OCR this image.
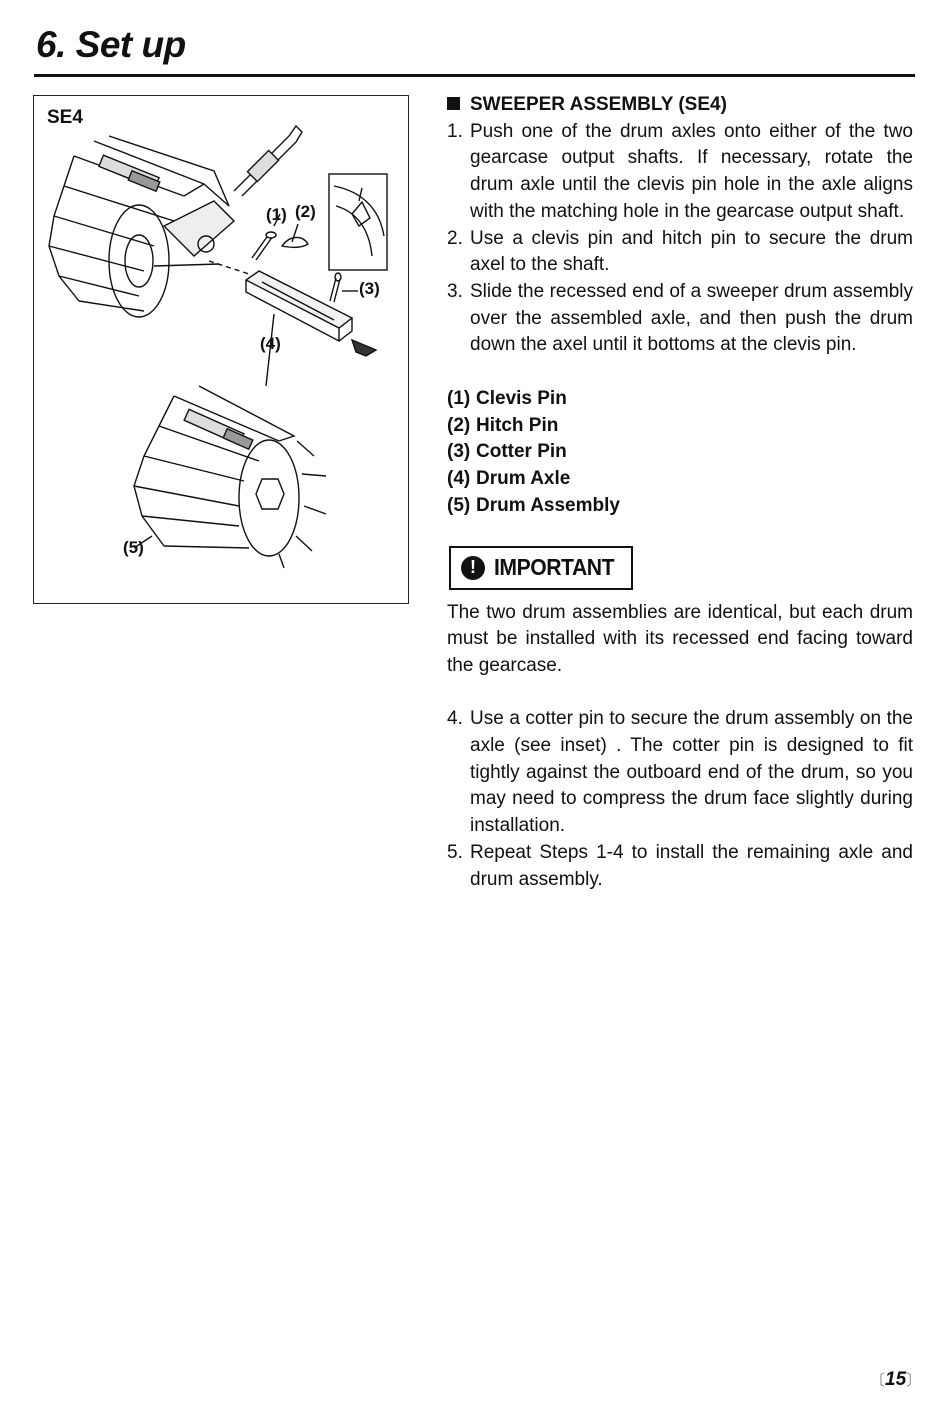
6. Set up
SE4
(1) (2)
(3)
(4)
(5)
SWEEPER ASSEMBLY (SE4)
1. Push one of the drum axles onto either of the two gearcase output shafts. If necessary, rotate the drum axle until the clevis pin hole in the axle aligns with the matching hole in the gearcase output shaft.
2. Use a clevis pin and hitch pin to secure the drum axel to the shaft.
3. Slide the recessed end of a sweeper drum assembly over the assembled axle, and then push the drum down the axel until it bottoms at the clevis pin.
(1) Clevis Pin
(2) Hitch Pin
(3) Cotter Pin
(4) Drum Axle
(5) Drum Assembly
! IMPORTANT

The two drum assemblies are identical, but each drum must be installed with its recessed end facing toward the gearcase.

4. Use a cotter pin to secure the drum assembly on the axle (see inset) . The cotter pin is designed to fit tightly against the outboard end of the drum, so you may need to compress the drum face slightly during installation.
5. Repeat Steps 1-4 to install the remaining axle and drum assembly.
〔15〕
